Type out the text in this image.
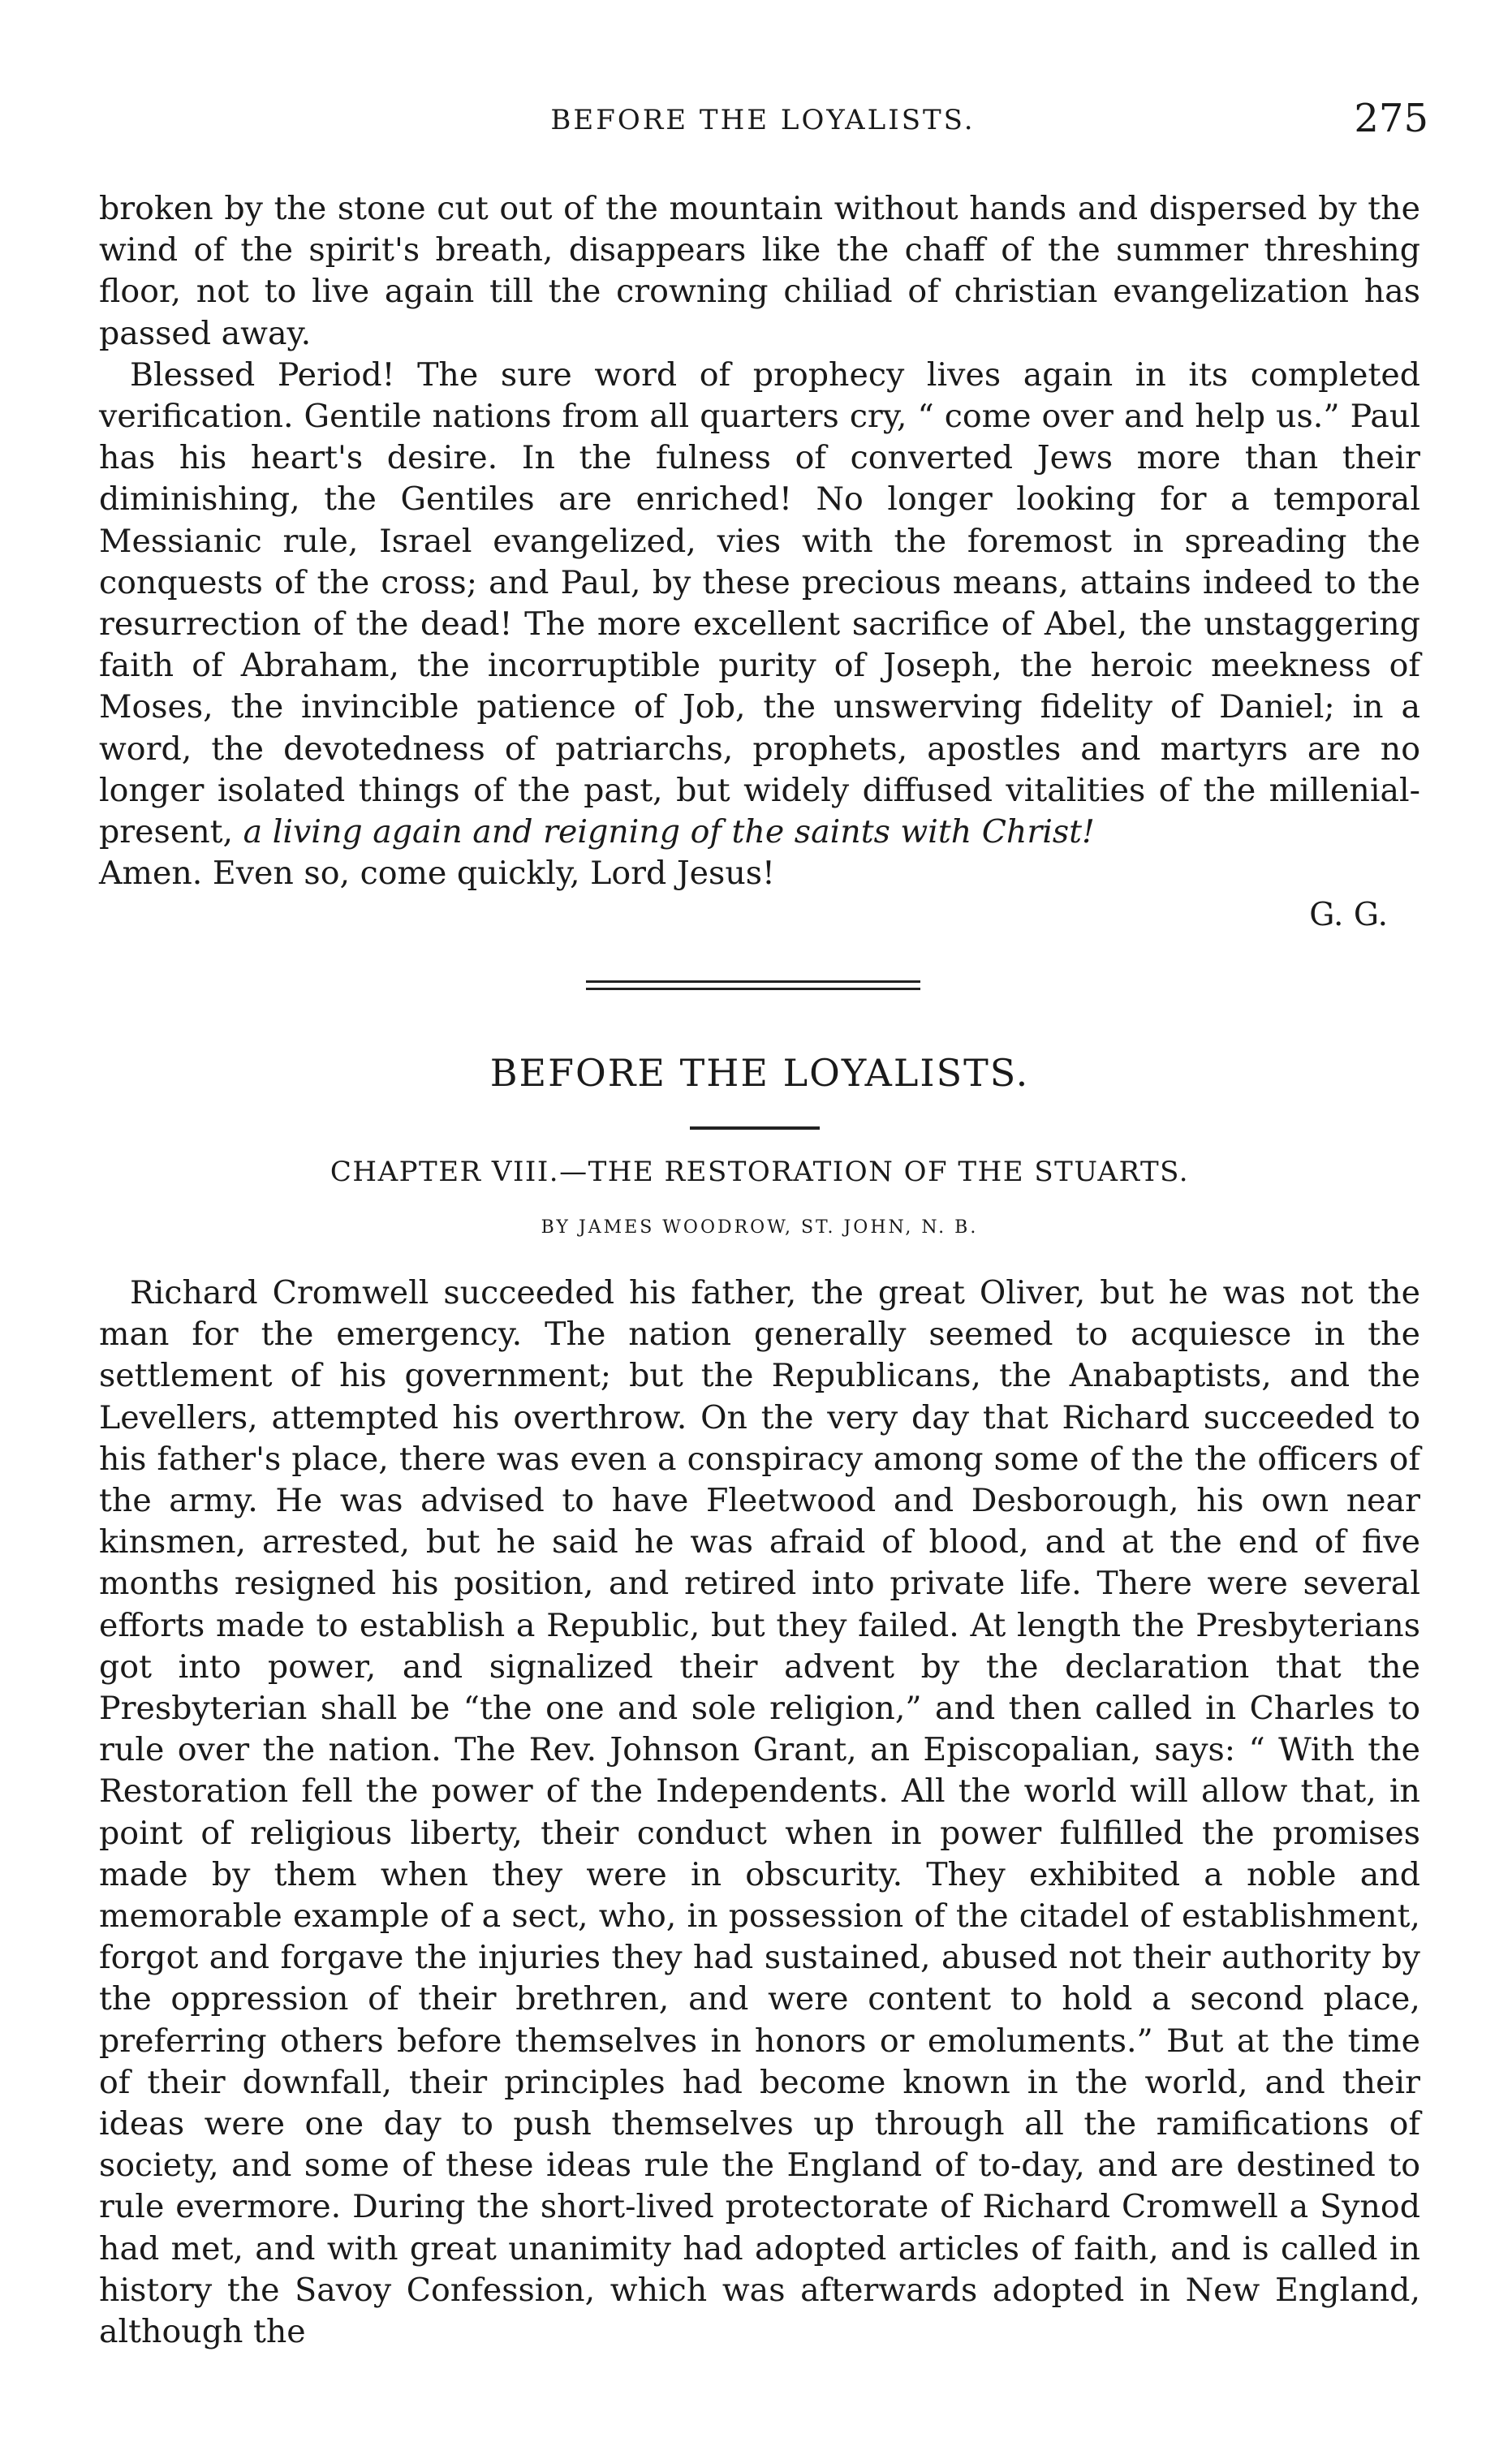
BEFORE THE LOYALISTS.	275

broken by the stone cut out of the mountain without hands and dispersed by the wind of the spirit's breath, disappears like the chaff of the summer threshing floor, not to live again till the crowning chiliad of christian evangelization has passed away.

Blessed Period! The sure word of prophecy lives again in its completed verification. Gentile nations from all quarters cry, “ come over and help us.” Paul has his heart's desire. In the fulness of converted Jews more than their diminishing, the Gentiles are enriched! No longer looking for a temporal Messianic rule, Israel evangelized, vies with the foremost in spreading the conquests of the cross; and Paul, by these precious means, attains indeed to the resurrection of the dead! The more excellent sacrifice of Abel, the unstaggering faith of Abraham, the incorruptible purity of Joseph, the heroic meekness of Moses, the invincible patience of Job, the unswerving fidelity of Daniel; in a word, the devotedness of patriarchs, prophets, apostles and martyrs are no longer isolated things of the past, but widely diffused vitalities of the millenial-present, a living again and reigning of the saints with Christ!
Amen. Even so, come quickly, Lord Jesus!

G. G.
BEFORE THE LOYALISTS.
CHAPTER VIII.—THE RESTORATION OF THE STUARTS.
BY JAMES WOODROW, ST. JOHN, N. B.

Richard Cromwell succeeded his father, the great Oliver, but he was not the man for the emergency. The nation generally seemed to acquiesce in the settlement of his government; but the Republicans, the Anabaptists, and the Levellers, attempted his overthrow. On the very day that Richard succeeded to his father's place, there was even a conspiracy among some of the the officers of the army. He was advised to have Fleetwood and Desborough, his own near kinsmen, arrested, but he said he was afraid of blood, and at the end of five months resigned his position, and retired into private life. There were several efforts made to establish a Republic, but they failed. At length the Presbyterians got into power, and signalized their advent by the declaration that the Presbyterian shall be “the one and sole religion,” and then called in Charles to rule over the nation. The Rev. Johnson Grant, an Episcopalian, says: “ With the Restoration fell the power of the Independents. All the world will allow that, in point of religious liberty, their conduct when in power fulfilled the promises made by them when they were in obscurity. They exhibited a noble and memorable example of a sect, who, in possession of the citadel of establishment, forgot and forgave the injuries they had sustained, abused not their authority by the oppression of their brethren, and were content to hold a second place, preferring others before themselves in honors or emoluments.” But at the time of their downfall, their principles had become known in the world, and their ideas were one day to push themselves up through all the ramifications of society, and some of these ideas rule the England of to-day, and are destined to rule evermore. During the short-lived protectorate of Richard Cromwell a Synod had met, and with great unanimity had adopted articles of faith, and is called in history the Savoy Confession, which was afterwards adopted in New England, although the
